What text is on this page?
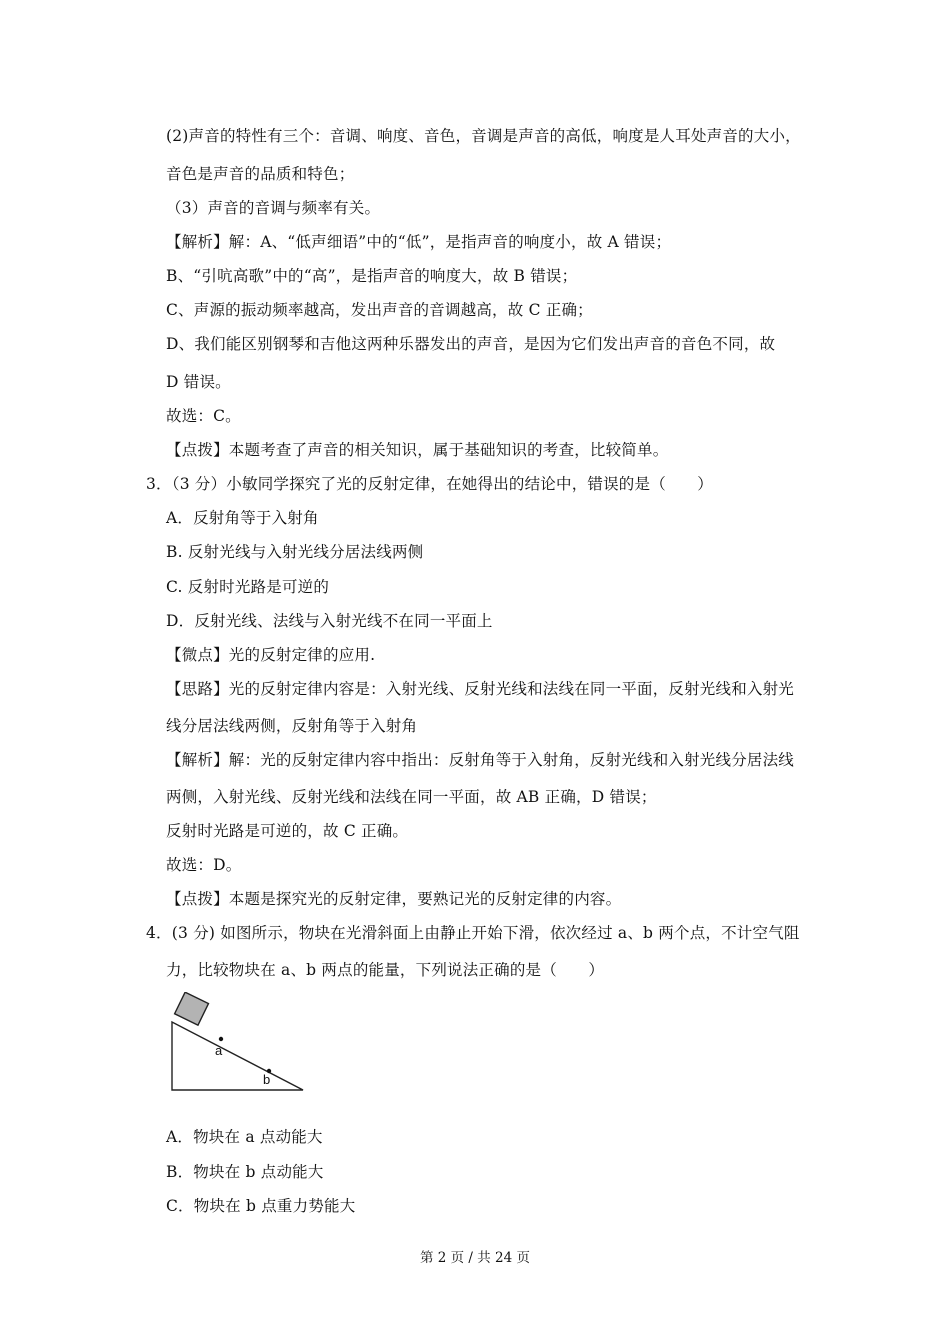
(2)声音的特性有三个：音调、响度、音色，音调是声音的高低，响度是人耳处声音的大小，
音色是声音的品质和特色；
（3）声音的音调与频率有关。
【解析】解：A、“低声细语”中的“低”，是指声音的响度小，故 A 错误；
B、“引吭高歌”中的“高”，是指声音的响度大，故 B 错误；
C、声源的振动频率越高，发出声音的音调越高，故 C 正确；
D、我们能区别钢琴和吉他这两种乐器发出的声音，是因为它们发出声音的音色不同，故
D 错误。
故选：C。
【点拨】本题考查了声音的相关知识，属于基础知识的考查，比较简单。
3．（3 分）小敏同学探究了光的反射定律，在她得出的结论中，错误的是（　　）
A．反射角等于入射角
B. 反射光线与入射光线分居法线两侧
C. 反射时光路是可逆的
D．反射光线、法线与入射光线不在同一平面上
【微点】光的反射定律的应用.
【思路】光的反射定律内容是：入射光线、反射光线和法线在同一平面，反射光线和入射光
线分居法线两侧，反射角等于入射角
【解析】解：光的反射定律内容中指出：反射角等于入射角，反射光线和入射光线分居法线
两侧，入射光线、反射光线和法线在同一平面，故 AB 正确，D 错误；
反射时光路是可逆的，故 C 正确。
故选：D。
【点拨】本题是探究光的反射定律，要熟记光的反射定律的内容。
4．(3 分) 如图所示，物块在光滑斜面上由静止开始下滑，依次经过 a、b 两个点，不计空气阻
力，比较物块在 a、b 两点的能量，下列说法正确的是（　　）
a
b
A．物块在 a 点动能大
B．物块在 b 点动能大
C．物块在 b 点重力势能大
第 2 页 / 共 24 页
